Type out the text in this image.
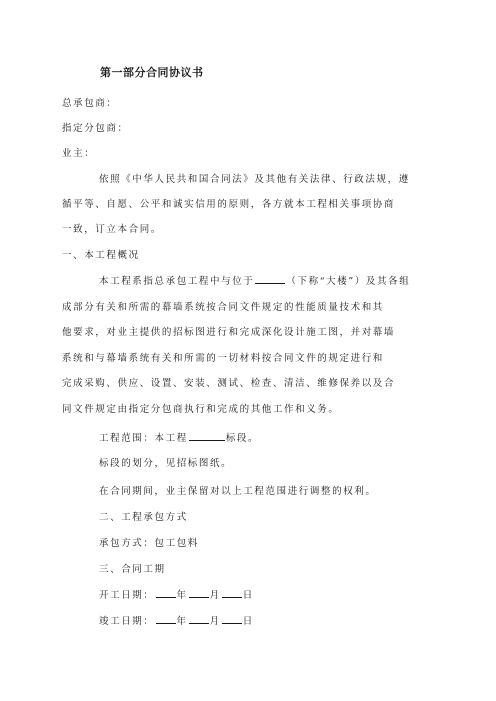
第一部分合同协议书
总承包商：
指定分包商：
业主：
依照《中华人民共和国合同法》及其他有关法律、行政法规，遵
循平等、自愿、公平和诚实信用的原则，各方就本工程相关事项协商
一致，订立本合同。
一、本工程概况
本工程系指总承包工程中与位于	（下称“大楼”）及其各组
成部分有关和所需的幕墙系统按合同文件规定的性能质量技术和其
他要求，对业主提供的招标图进行和完成深化设计施工图，并对幕墙
系统和与幕墙系统有关和所需的一切材料按合同文件的规定进行和
完成采购、供应、设置、安装、测试、检查、清洁、维修保养以及合
同文件规定由指定分包商执行和完成的其他工作和义务。
工程范围：本工程	标段。
标段的划分，见招标图纸。
在合同期间，业主保留对以上工程范围进行调整的权利。
二、工程承包方式
承包方式：包工包料
三、合同工期
开工日期： 年 月 日
竣工日期： 年 月 日
